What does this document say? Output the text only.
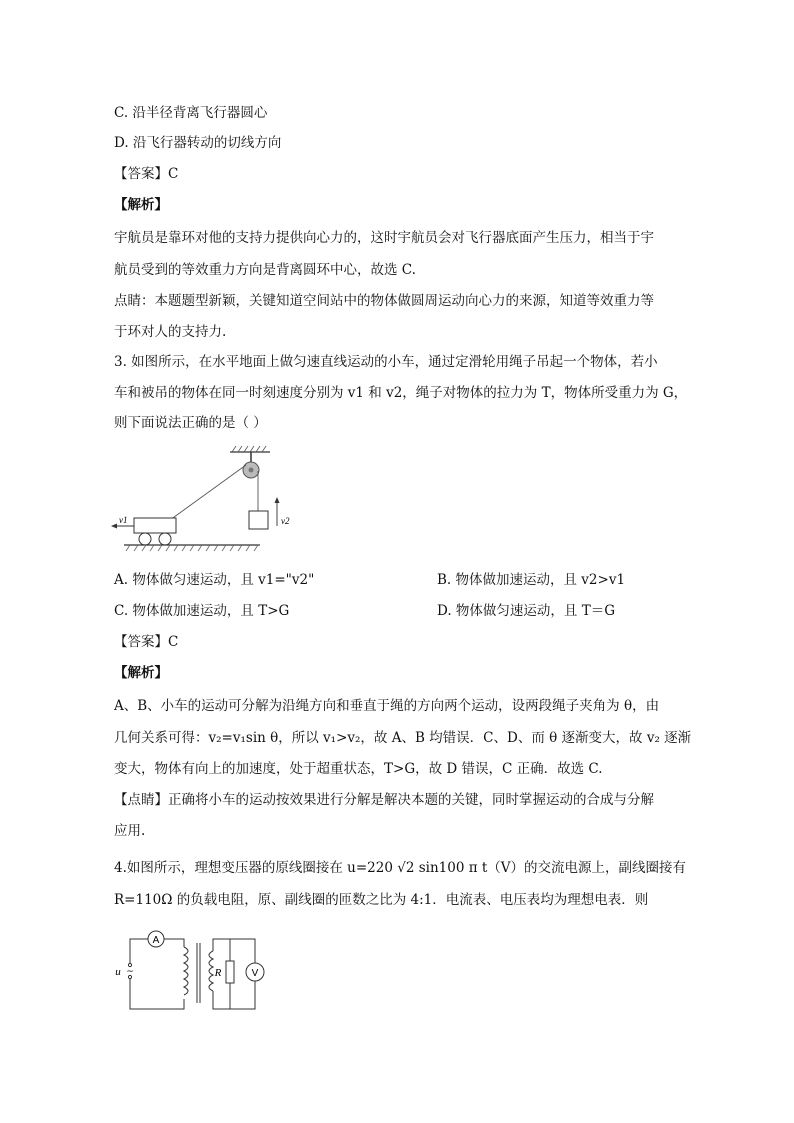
C. 沿半径背离飞行器圆心
D. 沿飞行器转动的切线方向
【答案】C
【解析】
宇航员是靠环对他的支持力提供向心力的，这时宇航员会对飞行器底面产生压力，相当于宇
航员受到的等效重力方向是背离圆环中心，故选 C.
点睛：本题题型新颖，关键知道空间站中的物体做圆周运动向心力的来源，知道等效重力等
于环对人的支持力.
3. 如图所示，在水平地面上做匀速直线运动的小车，通过定滑轮用绳子吊起一个物体，若小
车和被吊的物体在同一时刻速度分别为 v1 和 v2，绳子对物体的拉力为 T，物体所受重力为 G，
则下面说法正确的是（ ）
v1	v2
A. 物体做匀速运动，且 v1="v2"	B. 物体做加速运动，且 v2>v1
C. 物体做加速运动，且 T>G	D. 物体做匀速运动，且 T＝G
【答案】C
【解析】
A、B、小车的运动可分解为沿绳方向和垂直于绳的方向两个运动，设两段绳子夹角为 θ，由
几何关系可得：v₂=v₁sin θ，所以 v₁>v₂，故 A、B 均错误．C、D、而 θ 逐渐变大，故 v₂ 逐渐
变大，物体有向上的加速度，处于超重状态，T>G，故 D 错误，C 正确．故选 C.
【点睛】正确将小车的运动按效果进行分解是解决本题的关键，同时掌握运动的合成与分解
应用.
4.如图所示，理想变压器的原线圈接在 u=220 √2 sin100 π t（V）的交流电源上，副线圈接有
R=110Ω 的负载电阻，原、副线圈的匝数之比为 4:1．电流表、电压表均为理想电表．则
A
R	V
u ~
